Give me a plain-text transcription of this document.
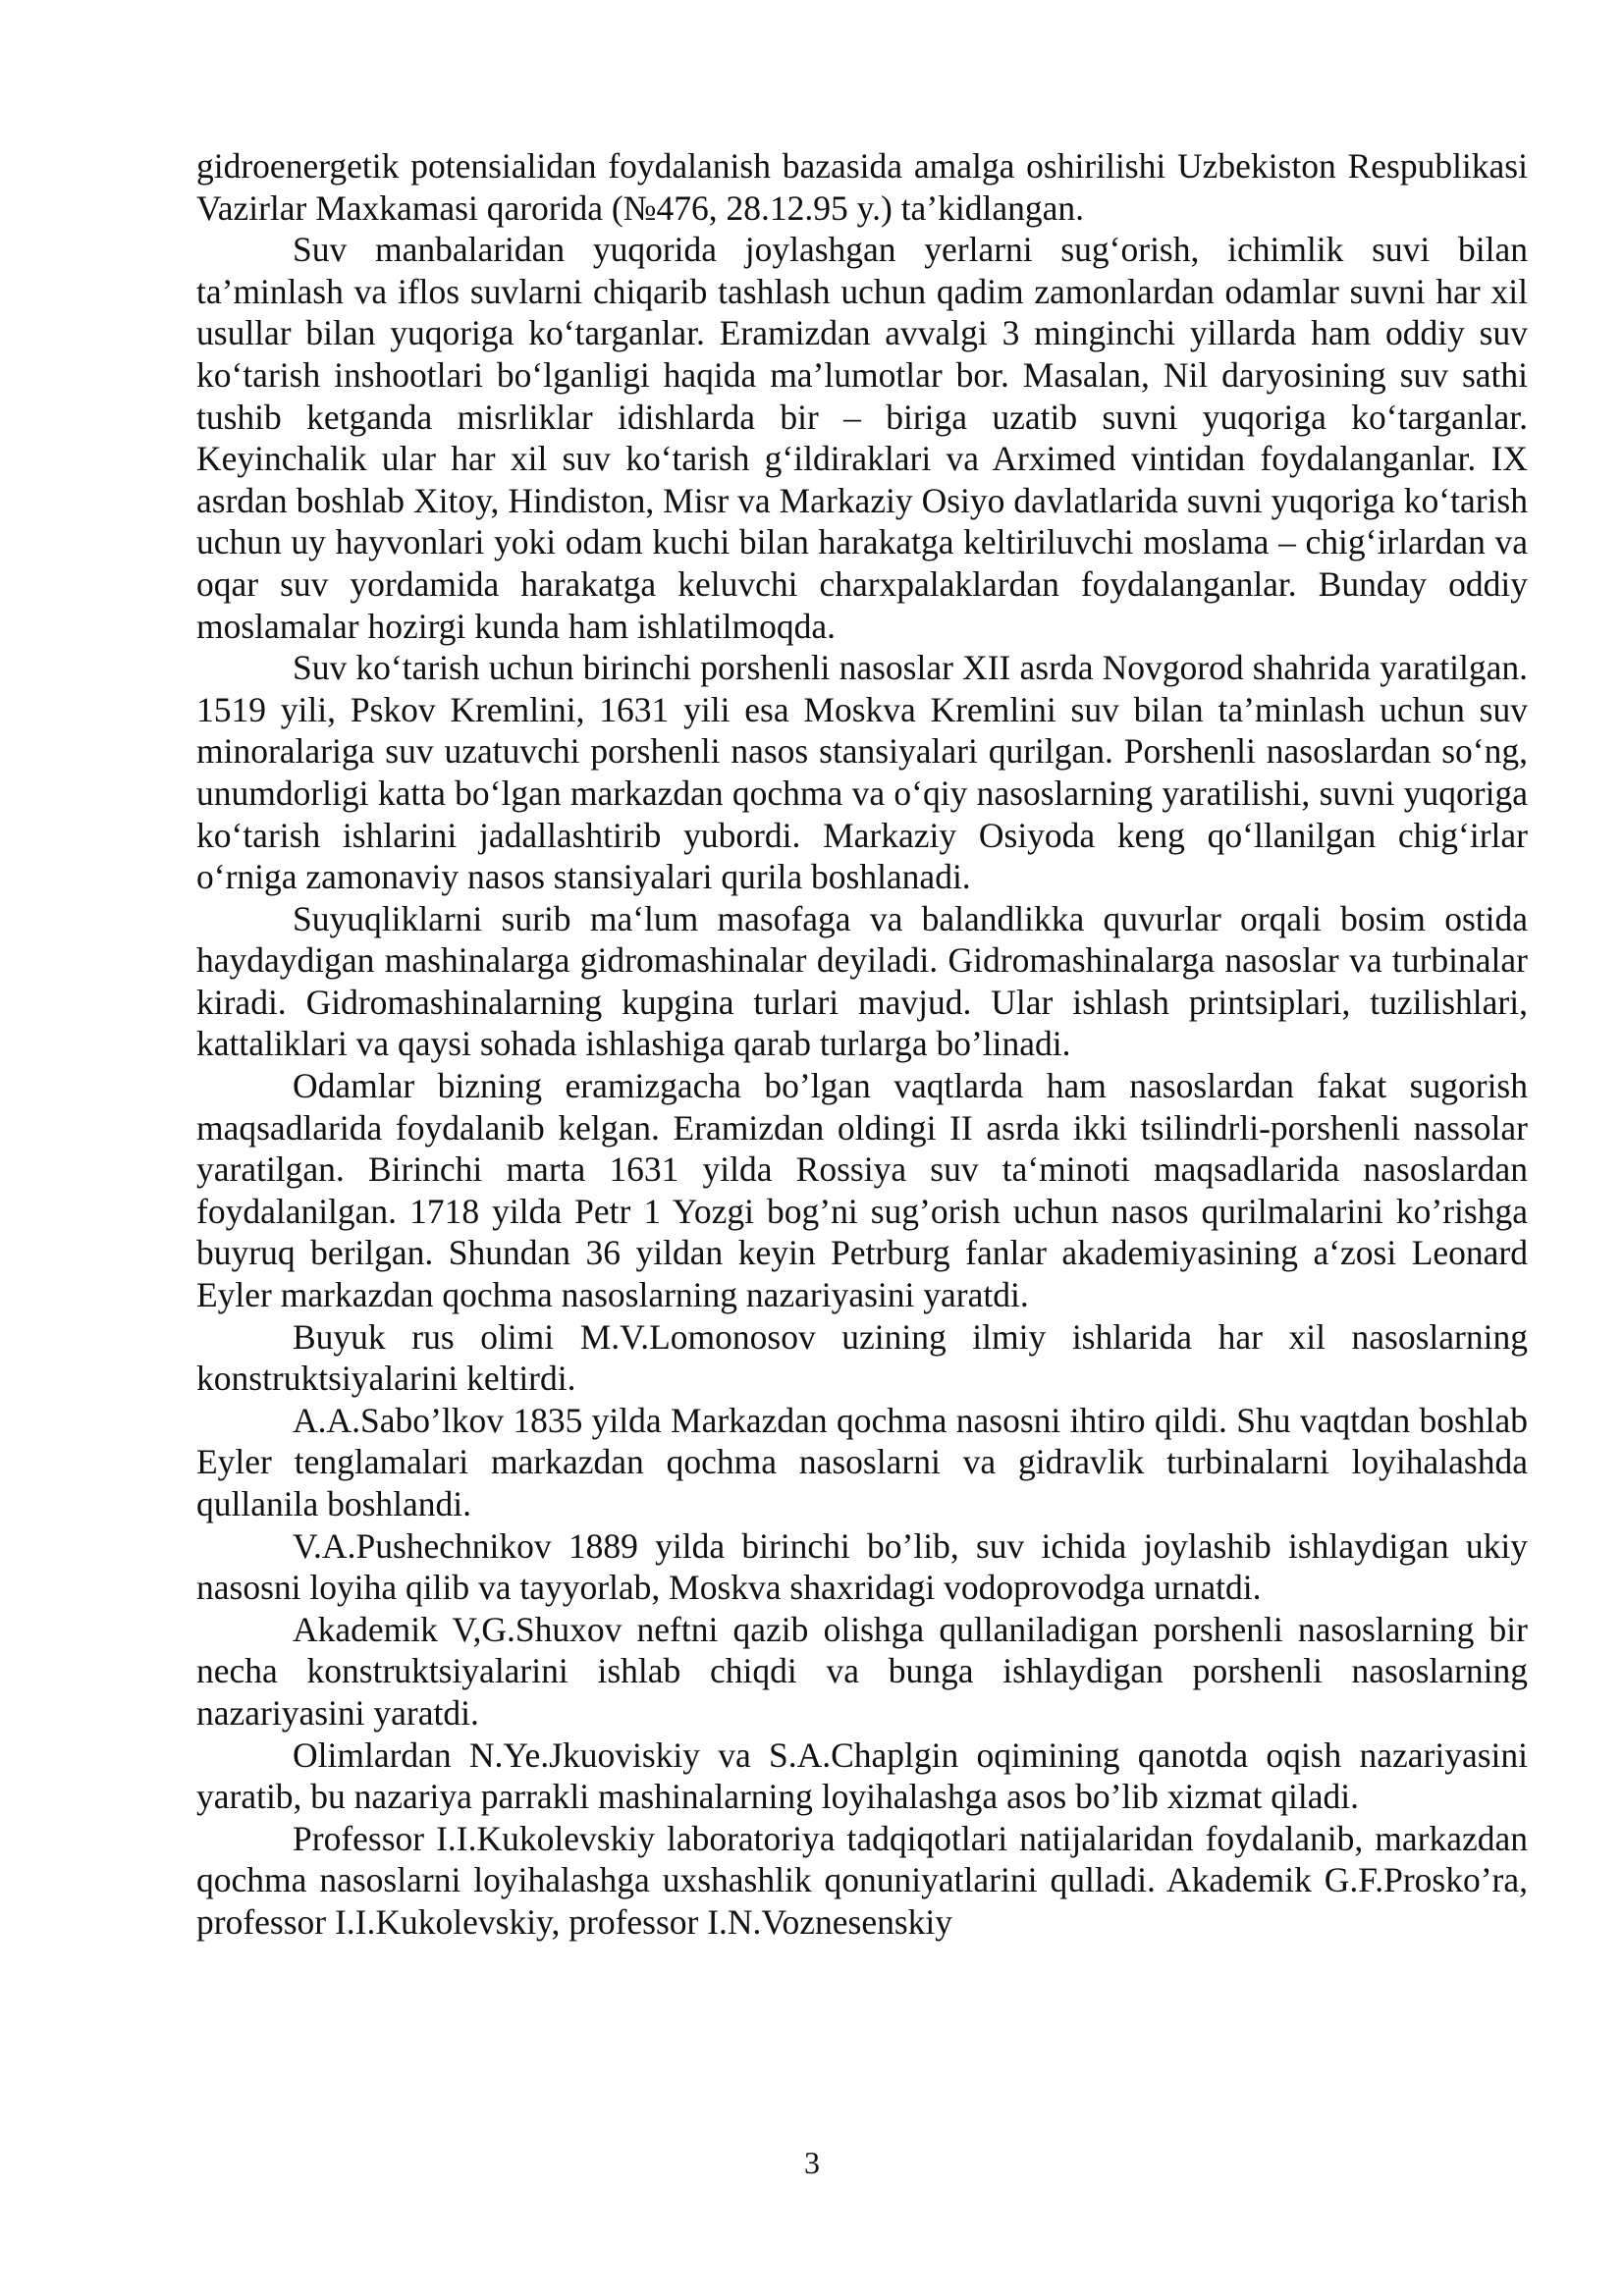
gidroenergetik potensialidan foydalanish bazasida amalga oshirilishi Uzbekiston Respublikasi Vazirlar Maxkamasi qarorida (№476, 28.12.95 y.) ta’kidlangan.

Suv manbalaridan yuqorida joylashgan yerlarni sug‘orish, ichimlik suvi bilan ta’minlash va iflos suvlarni chiqarib tashlash uchun qadim zamonlardan odamlar suvni har xil usullar bilan yuqoriga ko‘targanlar. Eramizdan avvalgi 3 minginchi yillarda ham oddiy suv ko‘tarish inshootlari bo‘lganligi haqida ma’lumotlar bor. Masalan, Nil daryosining suv sathi tushib ketganda misrliklar idishlarda bir – biriga uzatib suvni yuqoriga ko‘targanlar. Keyinchalik ular har xil suv ko‘tarish g‘ildiraklari va Arximed vintidan foydalanganlar. IX asrdan boshlab Xitoy, Hindiston, Misr va Markaziy Osiyo davlatlarida suvni yuqoriga ko‘tarish uchun uy hayvonlari yoki odam kuchi bilan harakatga keltiriluvchi moslama – chig‘irlardan va oqar suv yordamida harakatga keluvchi charxpalaklardan foydalanganlar. Bunday oddiy moslamalar hozirgi kunda ham ishlatilmoqda.

Suv ko‘tarish uchun birinchi porshenli nasoslar XII asrda Novgorod shahrida yaratilgan. 1519 yili, Pskov Kremlini, 1631 yili esa Moskva Kremlini suv bilan ta’minlash uchun suv minoralariga suv uzatuvchi porshenli nasos stansiyalari qurilgan. Porshenli nasoslardan so‘ng, unumdorligi katta bo‘lgan markazdan qochma va o‘qiy nasoslarning yaratilishi, suvni yuqoriga ko‘tarish ishlarini jadallashtirib yubordi. Markaziy Osiyoda keng qo‘llanilgan chig‘irlar o‘rniga zamonaviy nasos stansiyalari qurila boshlanadi.

Suyuqliklarni surib ma‘lum masofaga va balandlikka quvurlar orqali bosim ostida haydaydigan mashinalarga gidromashinalar deyiladi. Gidromashinalarga nasoslar va turbinalar kiradi. Gidromashinalarning kupgina turlari mavjud. Ular ishlash printsiplari, tuzilishlari, kattaliklari va qaysi sohada ishlashiga qarab turlarga bo’linadi.

Odamlar bizning eramizgacha bo’lgan vaqtlarda ham nasoslardan fakat sugorish maqsadlarida foydalanib kelgan. Eramizdan oldingi II asrda ikki tsilindrli-porshenli nassolar yaratilgan. Birinchi marta 1631 yilda Rossiya suv ta‘minoti maqsadlarida nasoslardan foydalanilgan. 1718 yilda Petr 1 Yozgi bog’ni sug’orish uchun nasos qurilmalarini ko’rishga buyruq berilgan. Shundan 36 yildan keyin Petrburg fanlar akademiyasining a‘zosi Leonard Eyler markazdan qochma nasoslarning nazariyasini yaratdi.

Buyuk rus olimi M.V.Lomonosov uzining ilmiy ishlarida har xil nasoslarning konstruktsiyalarini keltirdi.

A.A.Sabo’lkov 1835 yilda Markazdan qochma nasosni ihtiro qildi. Shu vaqtdan boshlab Eyler tenglamalari markazdan qochma nasoslarni va gidravlik turbinalarni loyihalashda qullanila boshlandi.

V.A.Pushechnikov 1889 yilda birinchi bo’lib, suv ichida joylashib ishlaydigan ukiy nasosni loyiha qilib va tayyorlab, Moskva shaxridagi vodoprovodga urnatdi.

Akademik V,G.Shuxov neftni qazib olishga qullaniladigan porshenli nasoslarning bir necha konstruktsiyalarini ishlab chiqdi va bunga ishlaydigan porshenli nasoslarning nazariyasini yaratdi.

Olimlardan N.Ye.Jkuoviskiy va S.A.Chaplgin oqimining qanotda oqish nazariyasini yaratib, bu nazariya parrakli mashinalarning loyihalashga asos bo’lib xizmat qiladi.

Professor I.I.Kukolevskiy laboratoriya tadqiqotlari natijalaridan foydalanib, markazdan qochma nasoslarni loyihalashga uxshashlik qonuniyatlarini qulladi. Akademik G.F.Prosko’ra, professor I.I.Kukolevskiy, professor I.N.Voznesenskiy

3
